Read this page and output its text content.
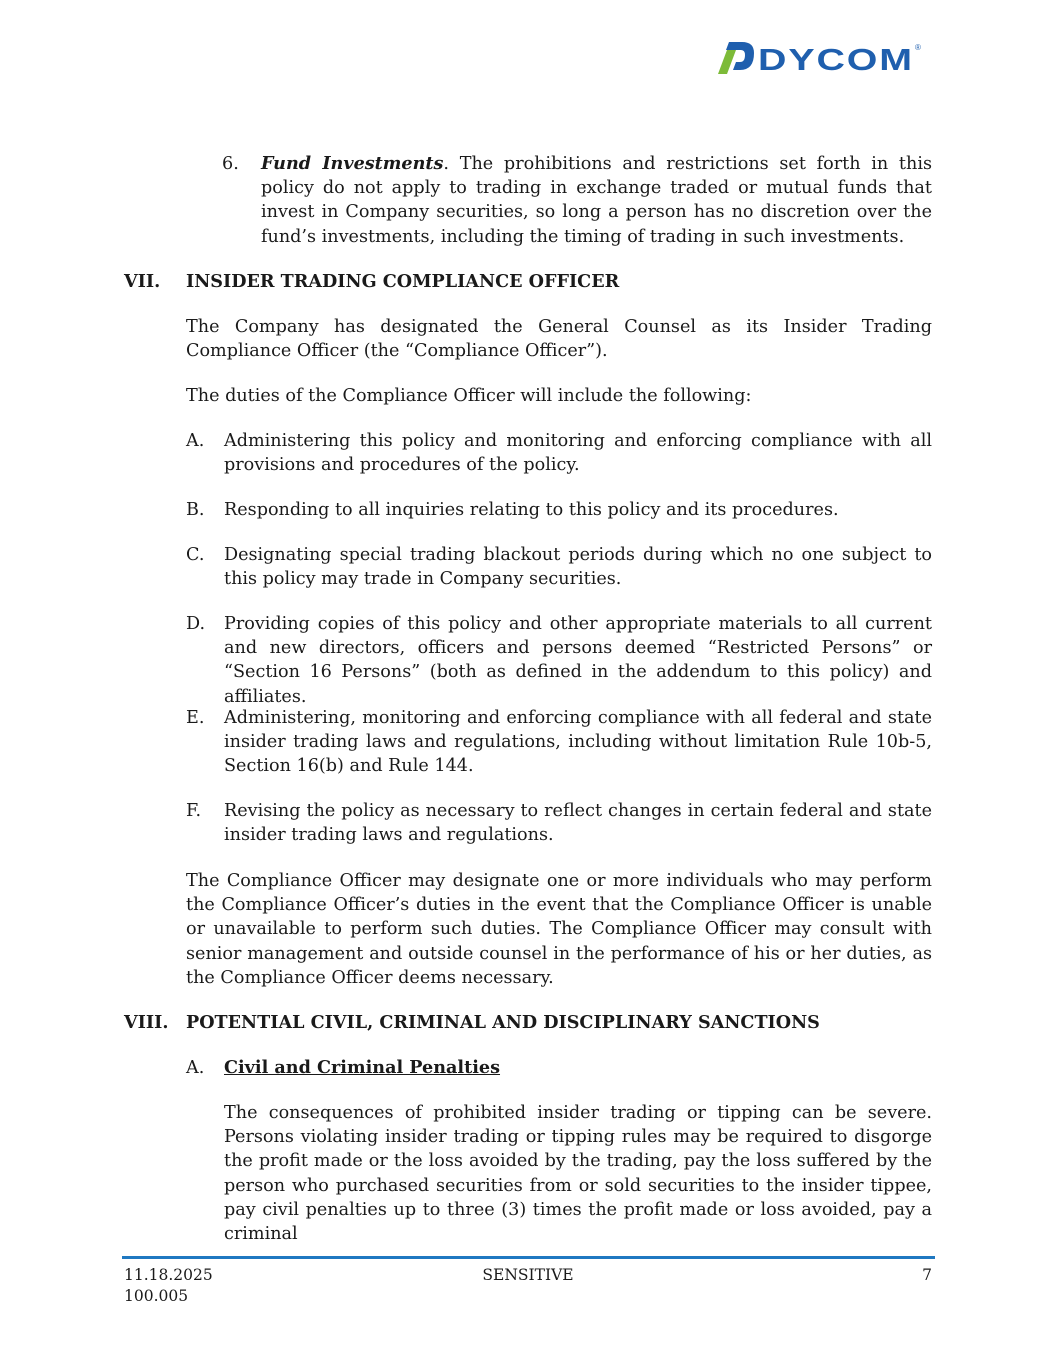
DYCOM ®
6. Fund Investments. The prohibitions and restrictions set forth in this policy do not apply to trading in exchange traded or mutual funds that invest in Company securities, so long a person has no discretion over the fund’s investments, including the timing of trading in such investments.
VII. INSIDER TRADING COMPLIANCE OFFICER
The Company has designated the General Counsel as its Insider Trading Compliance Officer (the “Compliance Officer”).
The duties of the Compliance Officer will include the following:
A. Administering this policy and monitoring and enforcing compliance with all provisions and procedures of the policy.
B. Responding to all inquiries relating to this policy and its procedures.
C. Designating special trading blackout periods during which no one subject to this policy may trade in Company securities.
D. Providing copies of this policy and other appropriate materials to all current and new directors, officers and persons deemed “Restricted Persons” or “Section 16 Persons” (both as defined in the addendum to this policy) and affiliates.
E. Administering, monitoring and enforcing compliance with all federal and state insider trading laws and regulations, including without limitation Rule 10b-5, Section 16(b) and Rule 144.
F. Revising the policy as necessary to reflect changes in certain federal and state insider trading laws and regulations.
The Compliance Officer may designate one or more individuals who may perform the Compliance Officer’s duties in the event that the Compliance Officer is unable or unavailable to perform such duties. The Compliance Officer may consult with senior management and outside counsel in the performance of his or her duties, as the Compliance Officer deems necessary.
VIII. POTENTIAL CIVIL, CRIMINAL AND DISCIPLINARY SANCTIONS
A. Civil and Criminal Penalties
The consequences of prohibited insider trading or tipping can be severe. Persons violating insider trading or tipping rules may be required to disgorge the profit made or the loss avoided by the trading, pay the loss suffered by the person who purchased securities from or sold securities to the insider tippee, pay civil penalties up to three (3) times the profit made or loss avoided, pay a criminal
11.18.2025
100.005
SENSITIVE	7
